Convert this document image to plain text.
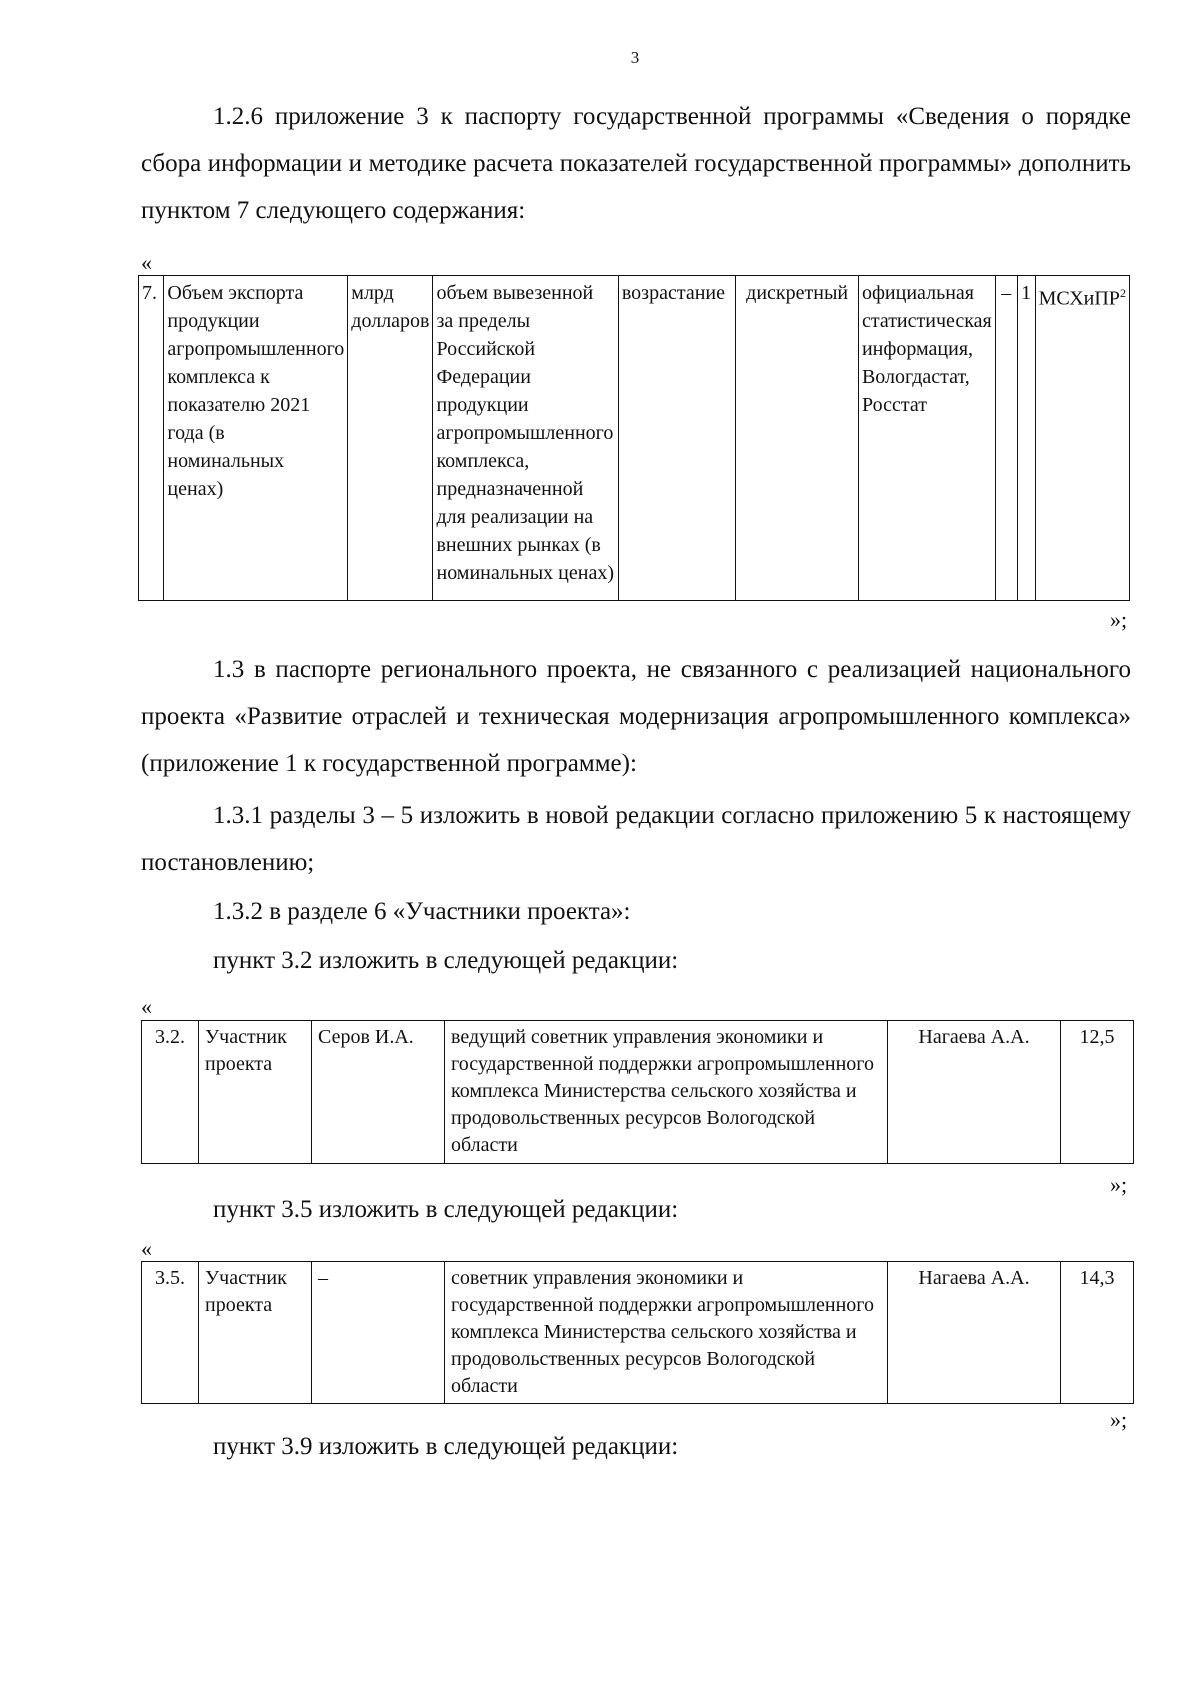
3

1.2.6 приложение 3 к паспорту государственной программы «Сведения о порядке сбора информации и методике расчета показателей государственной программы» дополнить пунктом 7 следующего содержания:

«
7.	Объем экспорта продукции агропромышленного комплекса к показателю 2021 года (в номинальных ценах)	млрд долларов	объем вывезенной за пределы Российской Федерации продукции агропромышленного комплекса, предназначенной для реализации на внешних рынках (в номинальных ценах)	возрастание	дискретный	официальная статистическая информация, Вологдастат, Росстат	–	1	МСХиПР$^2$
»;

1.3 в паспорте регионального проекта, не связанного с реализацией национального проекта «Развитие отраслей и техническая модернизация агропромышленного комплекса» (приложение 1 к государственной программе):

1.3.1 разделы 3 – 5 изложить в новой редакции согласно приложению 5 к настоящему постановлению;

1.3.2 в разделе 6 «Участники проекта»:

пункт 3.2 изложить в следующей редакции:

«
3.2.	Участник проекта	Серов И.А.	ведущий советник управления экономики и государственной поддержки агропромышленного комплекса Министерства сельского хозяйства и продовольственных ресурсов Вологодской области	Нагаева А.А.	12,5
»;

пункт 3.5 изложить в следующей редакции:

«
3.5.	Участник проекта	–	советник управления экономики и государственной поддержки агропромышленного комплекса Министерства сельского хозяйства и продовольственных ресурсов Вологодской области	Нагаева А.А.	14,3
»;

пункт 3.9 изложить в следующей редакции:
